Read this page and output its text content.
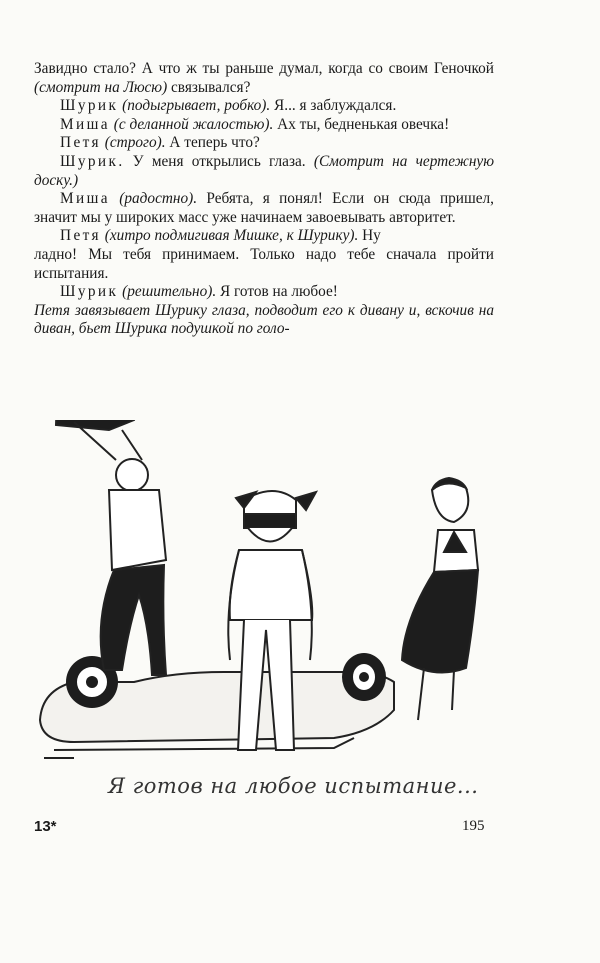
Завидно стало? А что ж ты раньше думал, когда со своим Геночкой (смотрит на Люсю) связывался?

Шурик (подыгрывает, робко). Я... я заблуждался.

Миша (с деланной жалостью). Ах ты, бедненькая овечка!

Петя (строго). А теперь что?

Шурик. У меня открылись глаза. (Смотрит на чертежную доску.)

Миша (радостно). Ребята, я понял! Если он сюда пришел, значит мы у широких масс уже начинаем завоевывать авторитет.

Петя (хитро подмигивая Мишке, к Шурику). Ну

ладно! Мы тебя принимаем. Только надо тебе сначала пройти испытания.

Шурик (решительно). Я готов на любое!

Петя завязывает Шурику глаза, подводит его к дивану и, вскочив на диван, бьет Шурика подушкой по голо-

Я готов на любое испытание...
13*	195
